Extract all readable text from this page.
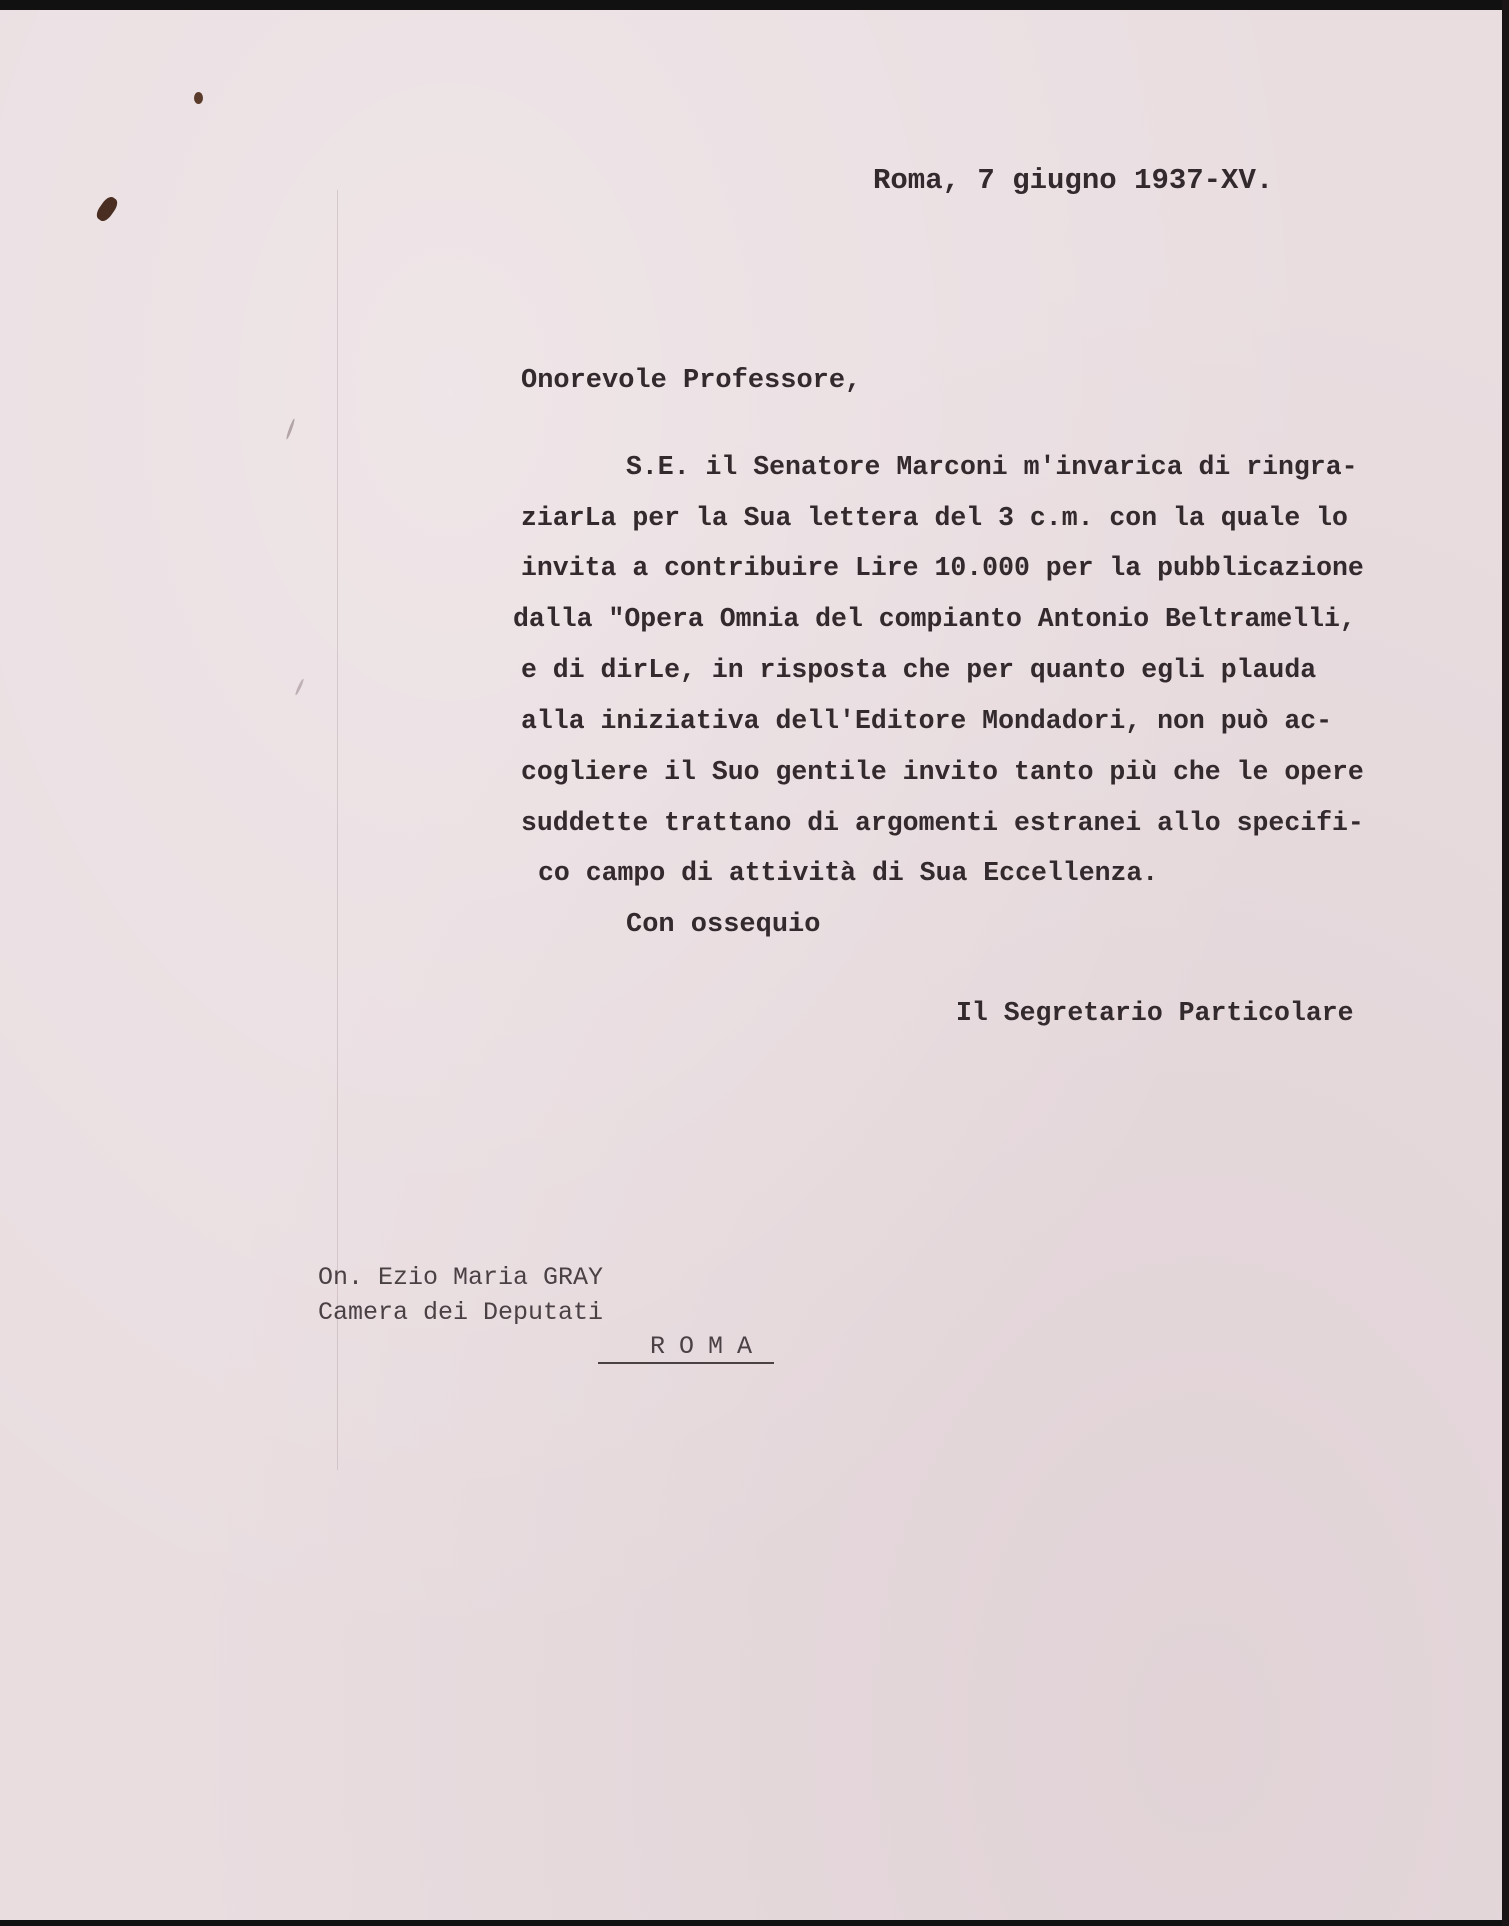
Roma, 7 giugno 1937-XV.

Onorevole Professore,

S.E. il Senatore Marconi m'invarica di ringra-

ziarLa per la Sua lettera del 3 c.m. con la quale lo

invita a contribuire Lire 10.000 per la pubblicazione

dalla "Opera Omnia del compianto Antonio Beltramelli,

e di dirLe, in risposta che per quanto egli plauda

alla iniziativa dell'Editore Mondadori, non può ac-

cogliere il Suo gentile invito tanto più che le opere

suddette trattano di argomenti estranei allo specifi-

co campo di attività di Sua Eccellenza.

Con ossequio

Il Segretario Particolare

On. Ezio Maria GRAY
Camera dei Deputati
ROMA
